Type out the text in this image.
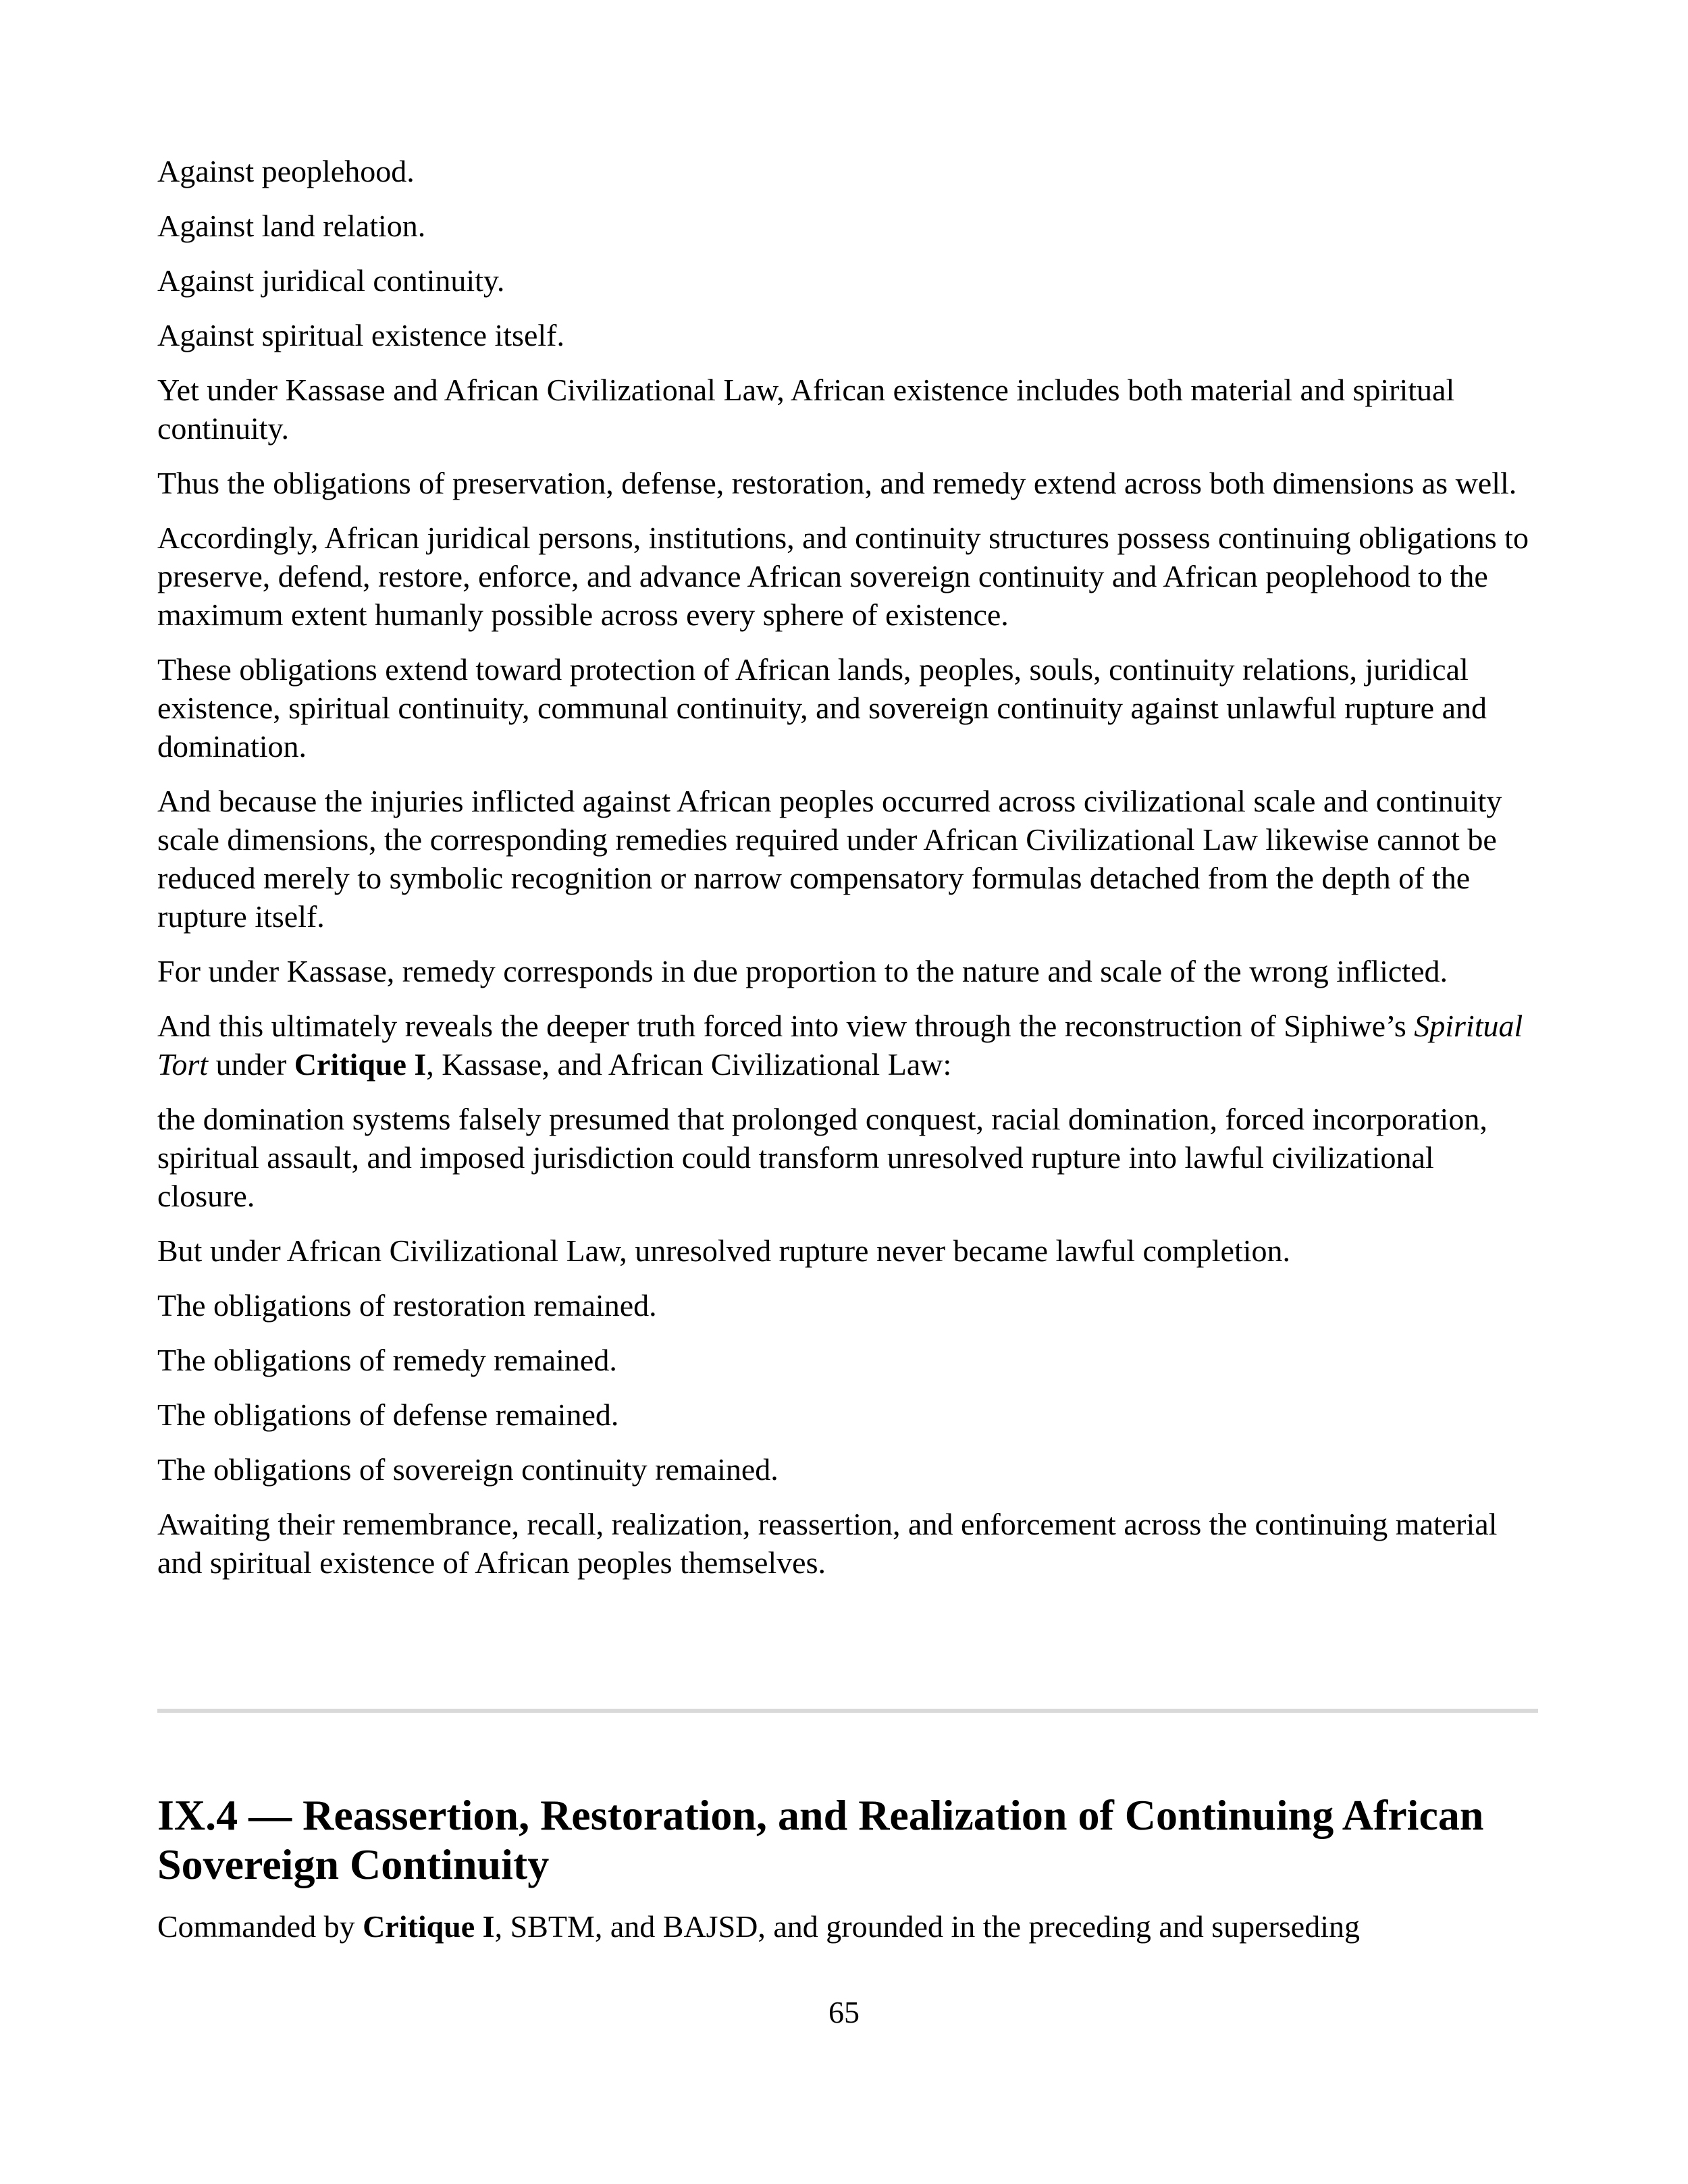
Against peoplehood.

Against land relation.

Against juridical continuity.

Against spiritual existence itself.

Yet under Kassase and African Civilizational Law, African existence includes both material and spiritual continuity.

Thus the obligations of preservation, defense, restoration, and remedy extend across both dimensions as well.

Accordingly, African juridical persons, institutions, and continuity structures possess continuing obligations to preserve, defend, restore, enforce, and advance African sovereign continuity and African peoplehood to the maximum extent humanly possible across every sphere of existence.

These obligations extend toward protection of African lands, peoples, souls, continuity relations, juridical existence, spiritual continuity, communal continuity, and sovereign continuity against unlawful rupture and domination.

And because the injuries inflicted against African peoples occurred across civilizational scale and continuity scale dimensions, the corresponding remedies required under African Civilizational Law likewise cannot be reduced merely to symbolic recognition or narrow compensatory formulas detached from the depth of the rupture itself.

For under Kassase, remedy corresponds in due proportion to the nature and scale of the wrong inflicted.

And this ultimately reveals the deeper truth forced into view through the reconstruction of Siphiwe’s Spiritual Tort under Critique I, Kassase, and African Civilizational Law:

the domination systems falsely presumed that prolonged conquest, racial domination, forced incorporation, spiritual assault, and imposed jurisdiction could transform unresolved rupture into lawful civilizational closure.

But under African Civilizational Law, unresolved rupture never became lawful completion.

The obligations of restoration remained.

The obligations of remedy remained.

The obligations of defense remained.

The obligations of sovereign continuity remained.

Awaiting their remembrance, recall, realization, reassertion, and enforcement across the continuing material and spiritual existence of African peoples themselves.

IX.4 — Reassertion, Restoration, and Realization of Continuing African Sovereign Continuity

Commanded by Critique I, SBTM, and BAJSD, and grounded in the preceding and superseding

65
